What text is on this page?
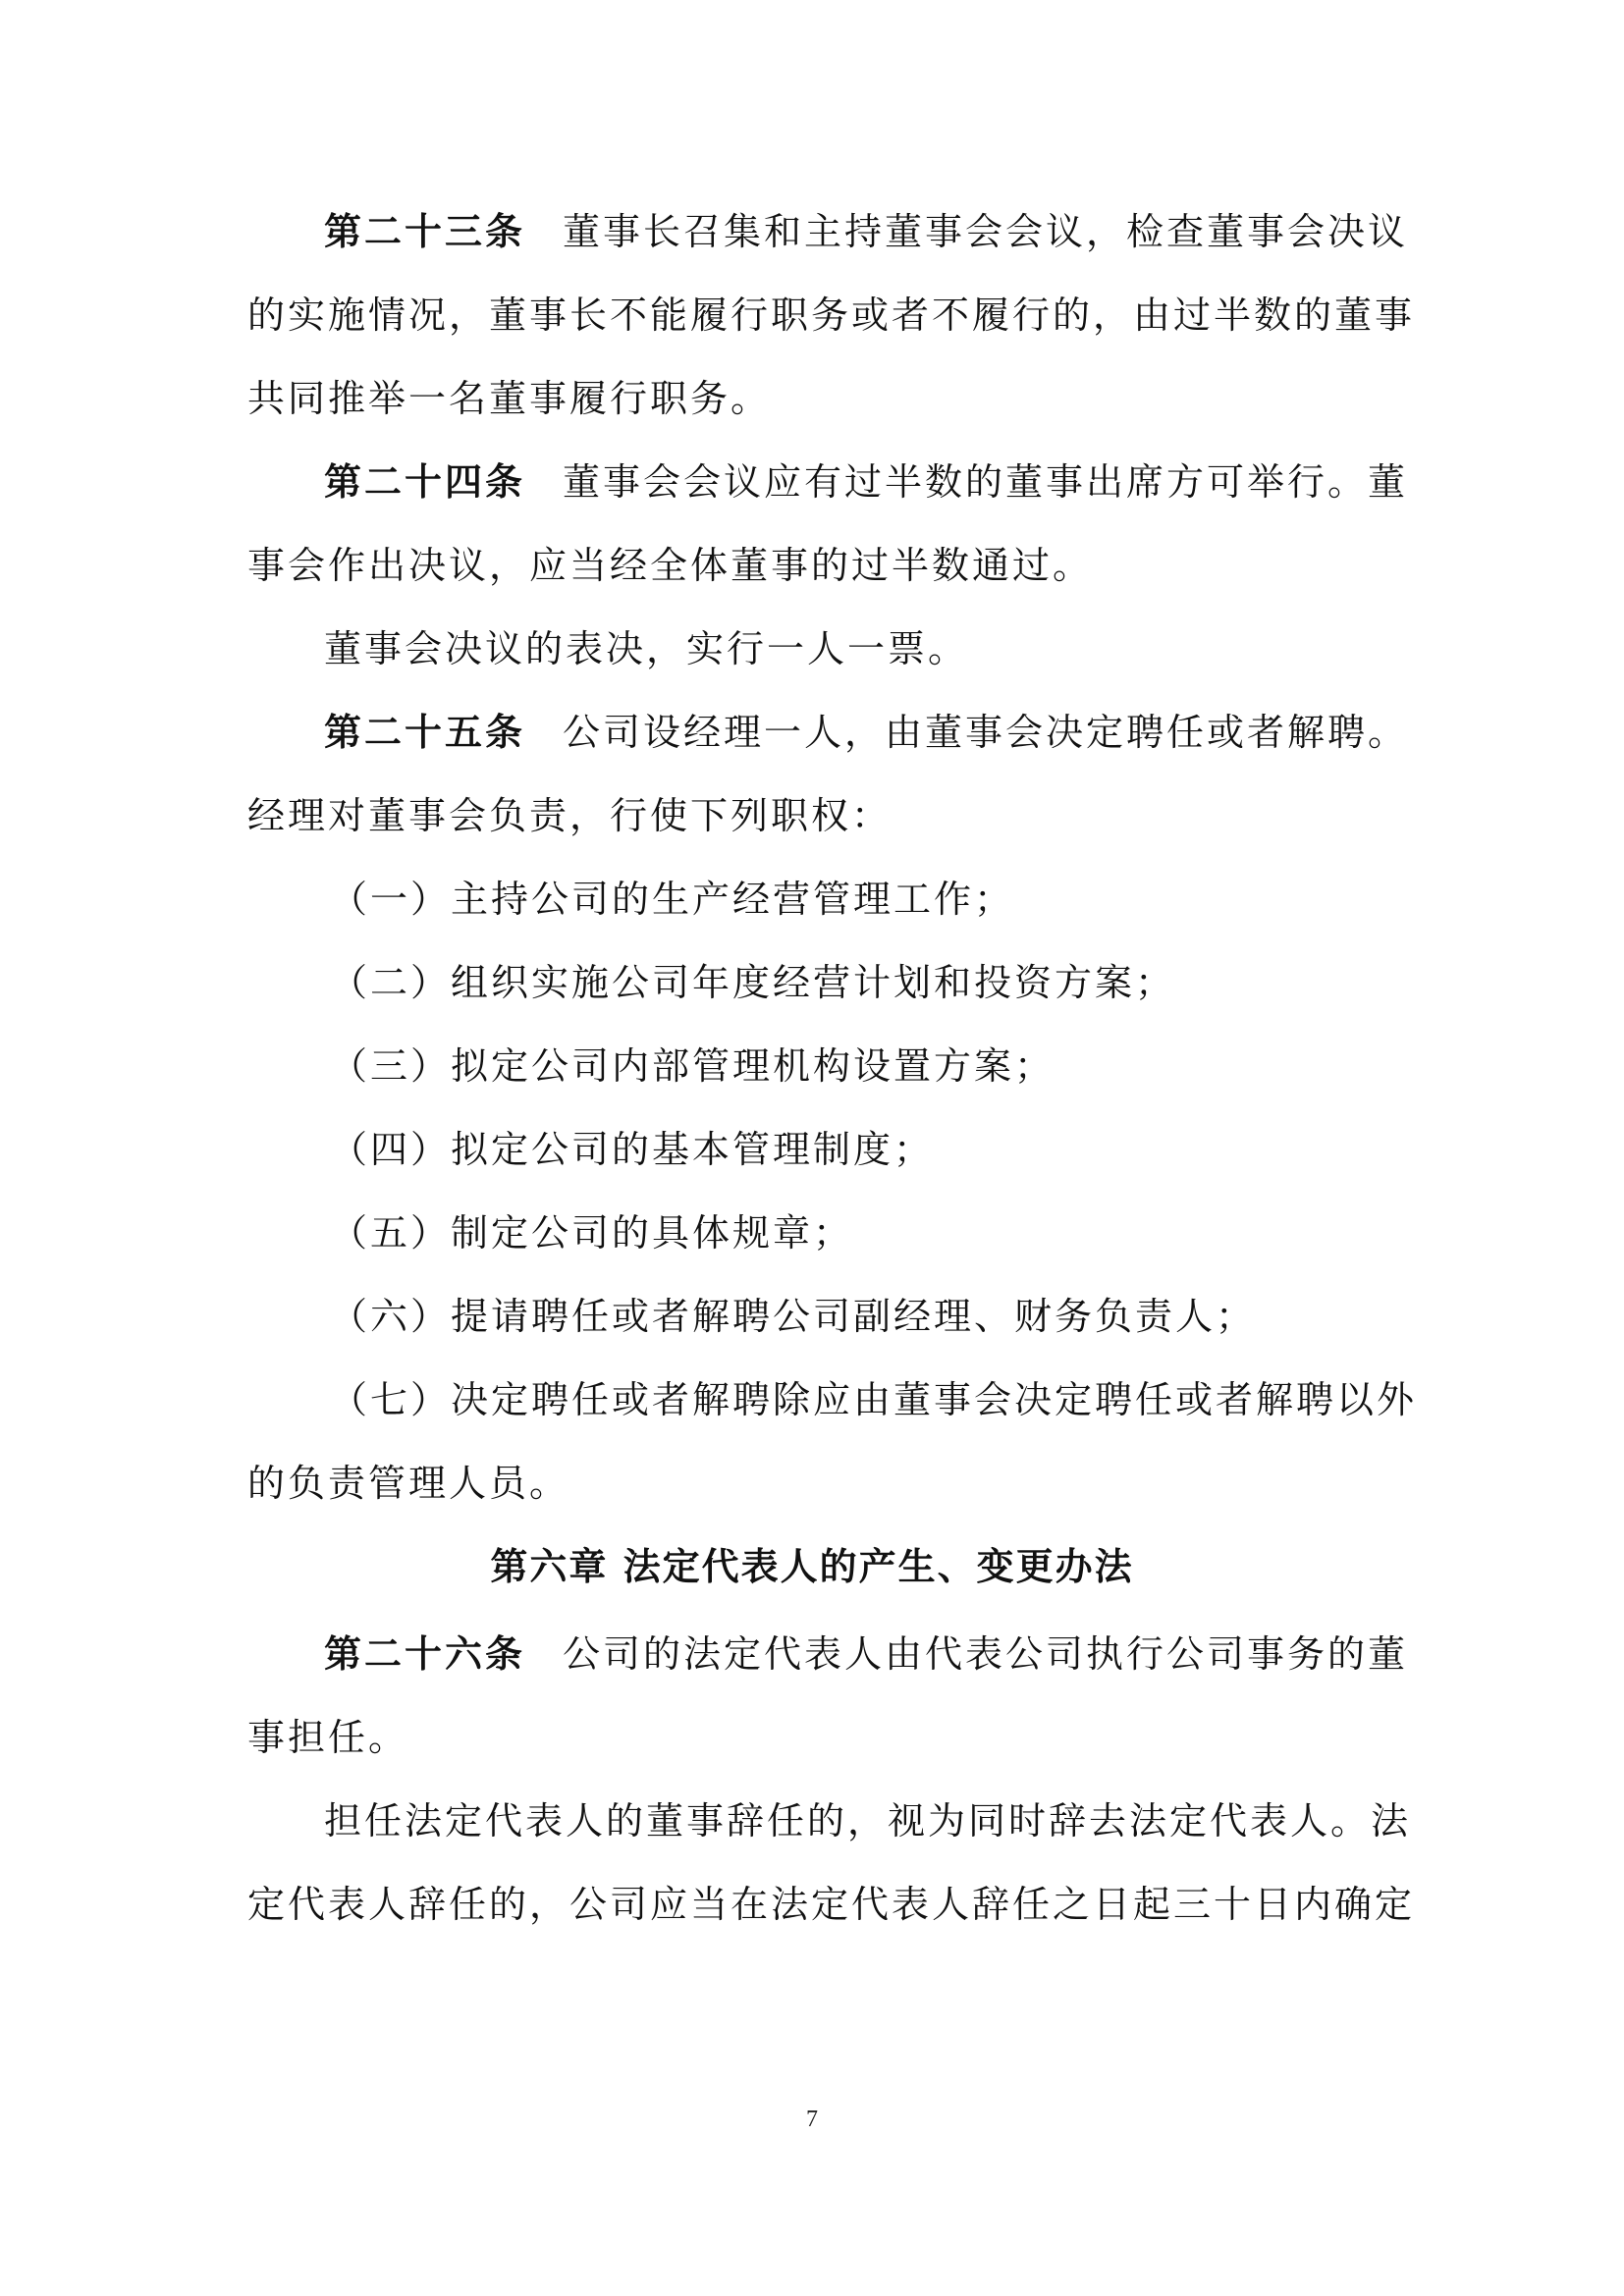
第二十三条 董事长召集和主持董事会会议，检查董事会决议
的实施情况，董事长不能履行职务或者不履行的，由过半数的董事
共同推举一名董事履行职务。
第二十四条 董事会会议应有过半数的董事出席方可举行。董
事会作出决议，应当经全体董事的过半数通过。
董事会决议的表决，实行一人一票。
第二十五条 公司设经理一人，由董事会决定聘任或者解聘。
经理对董事会负责，行使下列职权：
（一）主持公司的生产经营管理工作；
（二）组织实施公司年度经营计划和投资方案；
（三）拟定公司内部管理机构设置方案；
（四）拟定公司的基本管理制度；
（五）制定公司的具体规章；
（六）提请聘任或者解聘公司副经理、财务负责人；
（七）决定聘任或者解聘除应由董事会决定聘任或者解聘以外
的负责管理人员。
第六章 法定代表人的产生、变更办法
第二十六条 公司的法定代表人由代表公司执行公司事务的董
事担任。
担任法定代表人的董事辞任的，视为同时辞去法定代表人。法
定代表人辞任的，公司应当在法定代表人辞任之日起三十日内确定
7
